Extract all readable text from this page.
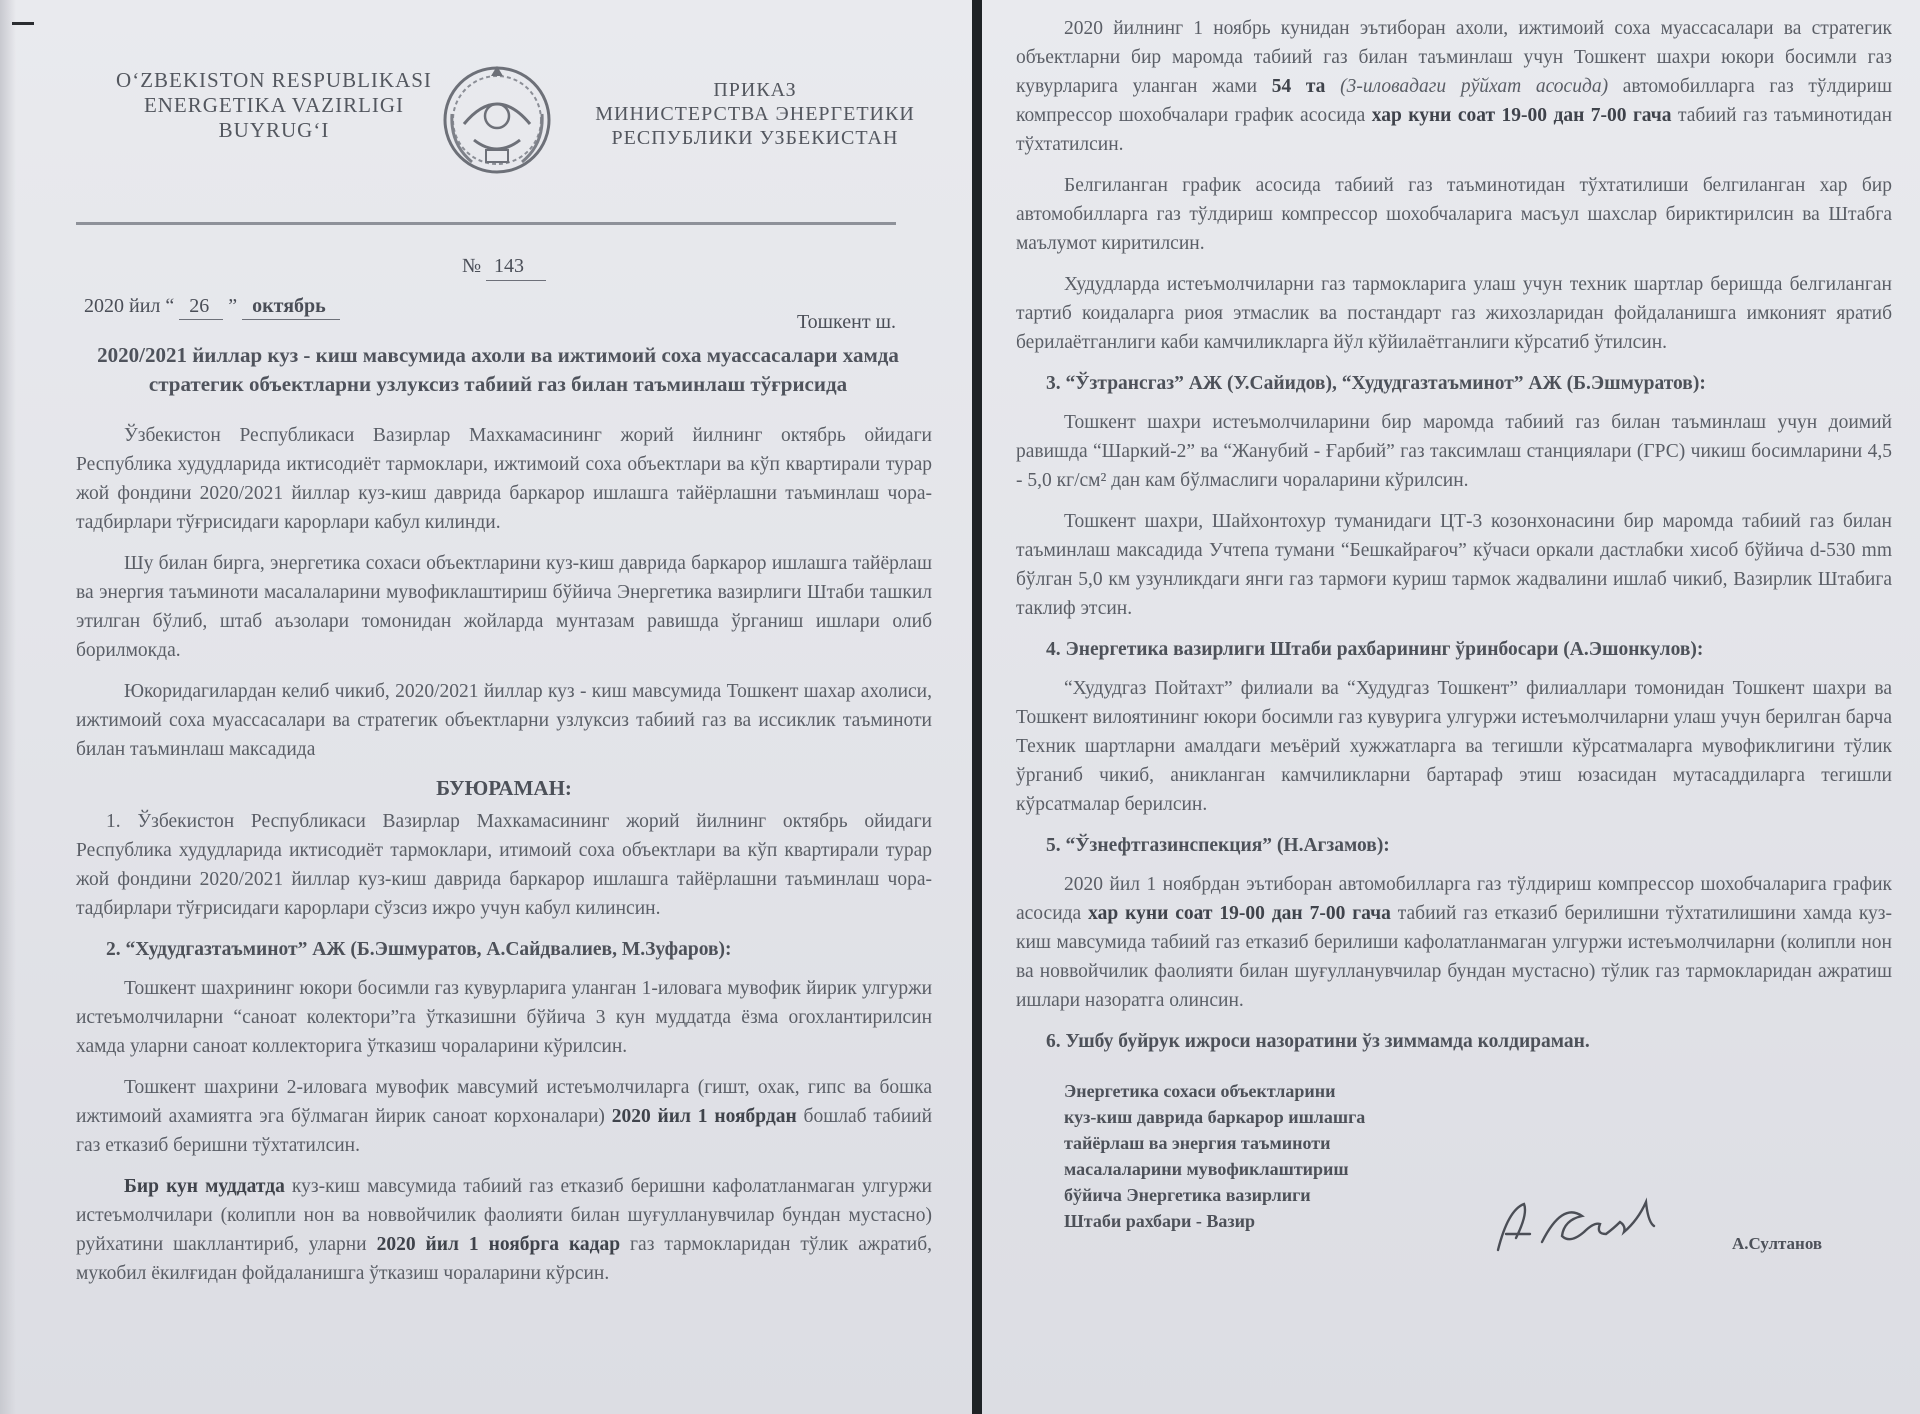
O‘ZBEKISTON RESPUBLIKASI
ENERGETIKA VAZIRLIGI
BUYRUG‘I
ПРИКАЗ
МИНИСТЕРСТВА ЭНЕРГЕТИКИ
РЕСПУБЛИКИ УЗБЕКИСТАН
№ 143
2020 йил “ 26 ” октябрь
Тошкент ш.
2020/2021 йиллар куз - киш мавсумида ахоли ва ижтимоий соха муассасалари хамда стратегик объектларни узлуксиз табиий газ билан таъминлаш тўғрисида

Ўзбекистон Республикаси Вазирлар Махкамасининг жорий йилнинг октябрь ойидаги Республика худудларида иктисодиёт тармоклари, ижтимоий соха объектлари ва кўп квартирали турар жой фондини 2020/2021 йиллар куз-киш даврида баркарор ишлашга тайёрлашни таъминлаш чора-тадбирлари тўғрисидаги карорлари кабул килинди.

Шу билан бирга, энергетика сохаси объектларини куз-киш даврида баркарор ишлашга тайёрлаш ва энергия таъминоти масалаларини мувофиклаштириш бўйича Энергетика вазирлиги Штаби ташкил этилган бўлиб, штаб аъзолари томонидан жойларда мунтазам равишда ўрганиш ишлари олиб борилмокда.

Юкоридагилардан келиб чикиб, 2020/2021 йиллар куз - киш мавсумида Тошкент шахар ахолиси, ижтимоий соха муассасалари ва стратегик объектларни узлуксиз табиий газ ва иссиклик таъминоти билан таъминлаш максадида

БУЮРАМАН:

1. Ўзбекистон Республикаси Вазирлар Махкамасининг жорий йилнинг октябрь ойидаги Республика худудларида иктисодиёт тармоклари, итимоий соха объектлари ва кўп квартирали турар жой фондини 2020/2021 йиллар куз-киш даврида баркарор ишлашга тайёрлашни таъминлаш чора-тадбирлари тўғрисидаги карорлари сўзсиз ижро учун кабул килинсин.

2. “Худудгазтаъминот” АЖ (Б.Эшмуратов, А.Сайдвалиев, М.Зуфаров):

Тошкент шахрининг юкори босимли газ кувурларига уланган 1-иловага мувофик йирик улгуржи истеъмолчиларни “саноат колектори”га ўтказишни бўйича 3 кун муддатда ёзма огохлантирилсин хамда уларни саноат коллекторига ўтказиш чораларини кўрилсин.

Тошкент шахрини 2-иловага мувофик мавсумий истеъмолчиларга (гишт, охак, гипс ва бошка ижтимоий ахамиятга эга бўлмаган йирик саноат корхоналари) 2020 йил 1 ноябрдан бошлаб табиий газ етказиб беришни тўхтатилсин.

Бир кун муддатда куз-киш мавсумида табиий газ етказиб беришни кафолатланмаган улгуржи истеъмолчилари (колипли нон ва новвойчилик фаолияти билан шуғулланувчилар бундан мустасно) руйхатини шакллантириб, уларни 2020 йил 1 ноябрга кадар газ тармокларидан тўлик ажратиб, мукобил ёкилғидан фойдаланишга ўтказиш чораларини кўрсин.

2020 йилнинг 1 ноябрь кунидан эътиборан ахоли, ижтимоий соха муассасалари ва стратегик объектларни бир маромда табиий газ билан таъминлаш учун Тошкент шахри юкори босимли газ кувурларига уланган жами 54 та (3-иловадаги рўйхат асосида) автомобилларга газ тўлдириш компрессор шохобчалари график асосида хар куни соат 19-00 дан 7-00 гача табиий газ таъминотидан тўхтатилсин.

Белгиланган график асосида табиий газ таъминотидан тўхтатилиши белгиланган хар бир автомобилларга газ тўлдириш компрессор шохобчаларига масъул шахслар бириктирилсин ва Штабга маълумот киритилсин.

Худудларда истеъмолчиларни газ тармокларига улаш учун техник шартлар беришда белгиланган тартиб коидаларга риоя этмаслик ва постандарт газ жихозларидан фойдаланишга имконият яратиб берилаётганлиги каби камчиликларга йўл кўйилаётганлиги кўрсатиб ўтилсин.

3. “Ўзтрансгаз” АЖ (У.Сайидов), “Худудгазтаъминот” АЖ (Б.Эшмуратов):

Тошкент шахри истеъмолчиларини бир маромда табиий газ билан таъминлаш учун доимий равишда “Шаркий-2” ва “Жанубий - Ғарбий” газ таксимлаш станциялари (ГРС) чикиш босимларини 4,5 - 5,0 кг/см² дан кам бўлмаслиги чораларини кўрилсин.

Тошкент шахри, Шайхонтохур туманидаги ЦТ-3 козонхонасини бир маромда табиий газ билан таъминлаш максадида Учтепа тумани “Бешкайрағоч” кўчаси оркали дастлабки хисоб бўйича d-530 mm бўлган 5,0 км узунликдаги янги газ тармоғи куриш тармок жадвалини ишлаб чикиб, Вазирлик Штабига таклиф этсин.

4. Энергетика вазирлиги Штаби рахбарининг ўринбосари (А.Эшонкулов):

“Худудгаз Пойтахт” филиали ва “Худудгаз Тошкент” филиаллари томонидан Тошкент шахри ва Тошкент вилоятининг юкори босимли газ кувурига улгуржи истеъмолчиларни улаш учун берилган барча Техник шартларни амалдаги меъёрий хужжатларга ва тегишли кўрсатмаларга мувофиклигини тўлик ўрганиб чикиб, аникланган камчиликларни бартараф этиш юзасидан мутасаддиларга тегишли кўрсатмалар берилсин.

5. “Ўзнефтгазинспекция” (Н.Агзамов):

2020 йил 1 ноябрдан эътиборан автомобилларга газ тўлдириш компрессор шохобчаларига график асосида хар куни соат 19-00 дан 7-00 гача табиий газ етказиб берилишни тўхтатилишини хамда куз-киш мавсумида табиий газ етказиб берилиши кафолатланмаган улгуржи истеъмолчиларни (колипли нон ва новвойчилик фаолияти билан шуғулланувчилар бундан мустасно) тўлик газ тармокларидан ажратиш ишлари назоратга олинсин.

6. Ушбу буйрук ижроси назоратини ўз зиммамда колдираман.

Энергетика сохаси объектларини
куз-киш даврида баркарор ишлашга
тайёрлаш ва энергия таъминоти
масалаларини мувофиклаштириш
бўйича Энергетика вазирлиги
Штаби рахбари - Вазир
А.Султанов
